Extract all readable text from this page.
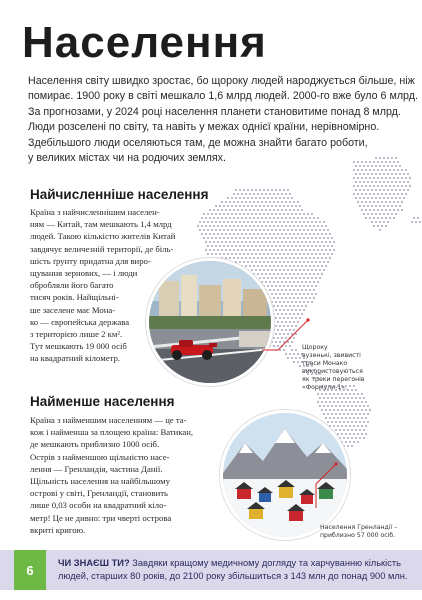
Населення
Населення світу швидко зростає, бо щороку людей народжується більше, ніж
помирає. 1900 року в світі мешкало 1,6 млрд людей. 2000-го вже було 6 млрд.
За прогнозами, у 2024 році населення планети становитиме понад 8 млрд.
Люди розселені по світу, та навіть у межах однієї країни, нерівномірно.
Здебільшого люди оселяються там, де можна знайти багато роботи,
у великих містах чи на родючих землях.
Найчисленніше населення
Країна з найчисленнішим населен-
ням — Китай, там мешкають 1,4 млрд
людей. Такою кількістю жителів Китай
завдячує величезній території, де біль-
шість ґрунту придатна для виро-
щування зернових, — і люди
обробляли його багато
тисяч років. Найщільні-
ше заселене має Мона-
ко — європейська держава
з територією лише 2 км².
Тут мешкають 19 000 осіб
на квадратний кілометр.
Щороку
вузенькі, звивисті
траси Монако
використовуються
як треки перегонів
«Формули-1».
Найменше населення
Країна з найменшим населенням — це та-
кож і найменша за площею країна: Ватикан,
де мешкають приблизно 1000 осіб.
Острів з найменшою щільністю насе-
лення — Гренландія, частина Данії.
Щільність населення на найбільшому
острові у світі, Гренландії, становить
лише 0,03 особи на квадратний кіло-
метр! Це не дивно: три чверті острова
вкриті кригою.	Населення Гренландії –
приблизно 57 000 осіб.
6	ЧИ ЗНАЄШ ТИ? Завдяки кращому медичному догляду та харчуванню кількість
людей, старших 80 років, до 2100 року збільшиться з 143 млн до понад 900 млн.
